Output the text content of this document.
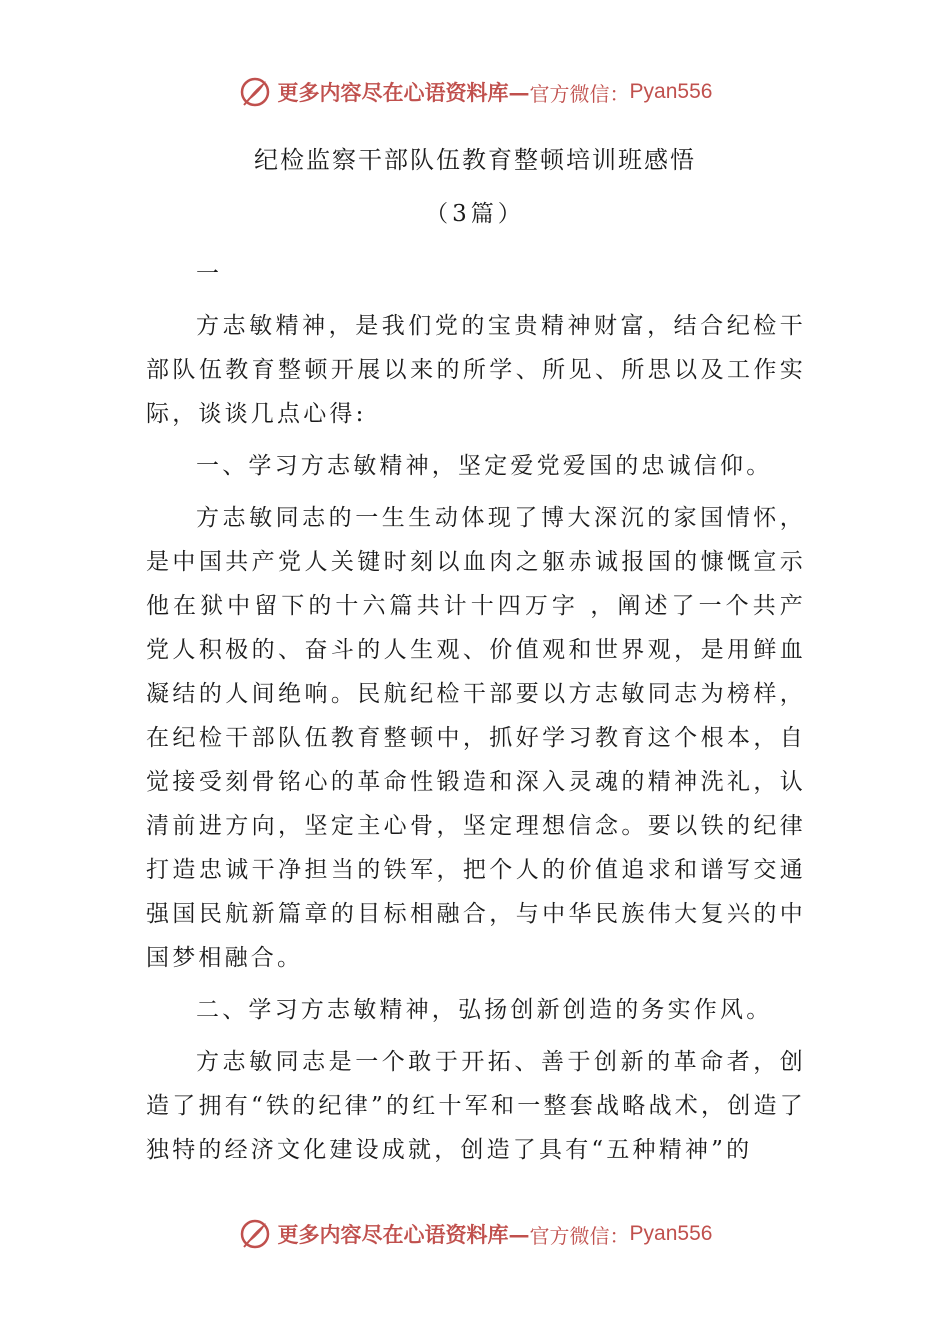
更多内容尽在心语资料库 — 官方微信： Pyan556
纪检监察干部队伍教育整顿培训班感悟
（3篇）

一

方志敏精神，是我们党的宝贵精神财富，结合纪检干部队伍教育整顿开展以来的所学、所见、所思以及工作实际，谈谈几点心得:

一、学习方志敏精神，坚定爱党爱国的忠诚信仰。

方志敏同志的一生生动体现了博大深沉的家国情怀，是中国共产党人关键时刻以血肉之躯赤诚报国的慷慨宣示他在狱中留下的十六篇共计十四万字 ，阐述了一个共产党人积极的、奋斗的人生观、价值观和世界观，是用鲜血凝结的人间绝响。民航纪检干部要以方志敏同志为榜样，在纪检干部队伍教育整顿中，抓好学习教育这个根本，自觉接受刻骨铭心的革命性锻造和深入灵魂的精神洗礼，认清前进方向，坚定主心骨，坚定理想信念。要以铁的纪律打造忠诚干净担当的铁军，把个人的价值追求和谱写交通强国民航新篇章的目标相融合，与中华民族伟大复兴的中国梦相融合。

二、学习方志敏精神，弘扬创新创造的务实作风。

方志敏同志是一个敢于开拓、善于创新的革命者，创造了拥有“铁的纪律”的红十军和一整套战略战术，创造了独特的经济文化建设成就，创造了具有“五种精神”的

更多内容尽在心语资料库 — 官方微信： Pyan556
